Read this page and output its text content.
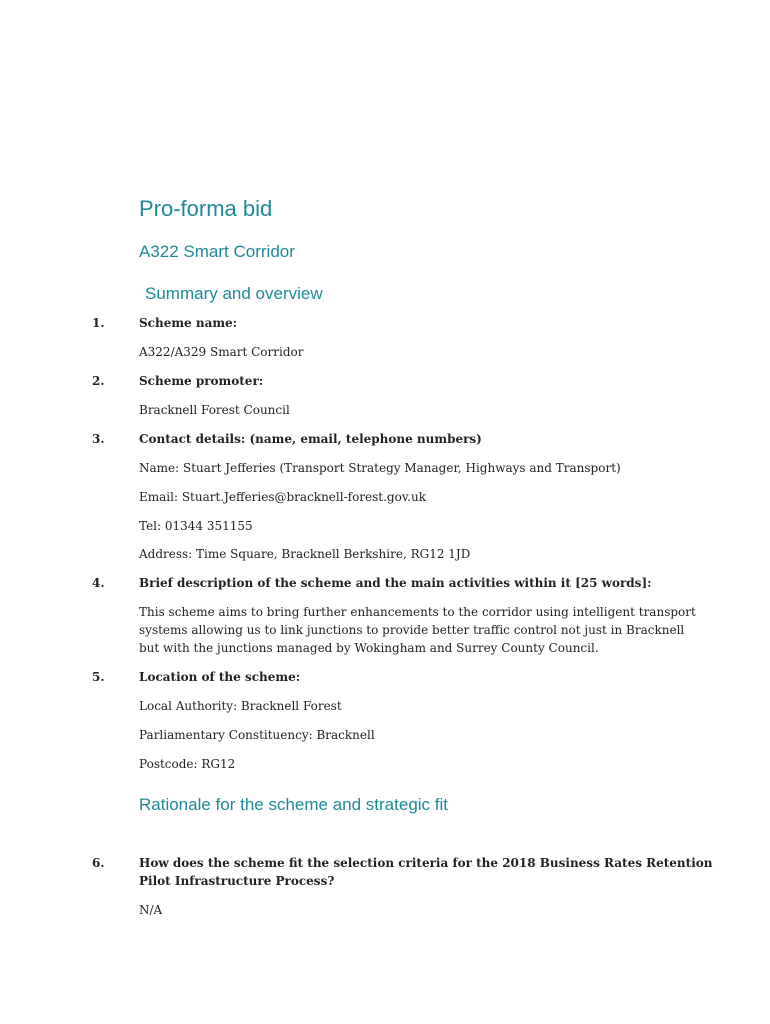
Pro-forma bid
A322 Smart Corridor
Summary and overview
1.	Scheme name:
A322/A329 Smart Corridor
2.	Scheme promoter:
Bracknell Forest Council
3.	Contact details: (name, email, telephone numbers)
Name: Stuart Jefferies (Transport Strategy Manager, Highways and Transport)
Email: Stuart.Jefferies@bracknell-forest.gov.uk
Tel: 01344 351155
Address: Time Square, Bracknell Berkshire, RG12 1JD
4.	Brief description of the scheme and the main activities within it [25 words]:
This scheme aims to bring further enhancements to the corridor using intelligent transport
systems allowing us to link junctions to provide better traffic control not just in Bracknell
but with the junctions managed by Wokingham and Surrey County Council.
5.	Location of the scheme:
Local Authority: Bracknell Forest
Parliamentary Constituency: Bracknell
Postcode: RG12
Rationale for the scheme and strategic fit
6.	How does the scheme fit the selection criteria for the 2018 Business Rates Retention
Pilot Infrastructure Process?
N/A
